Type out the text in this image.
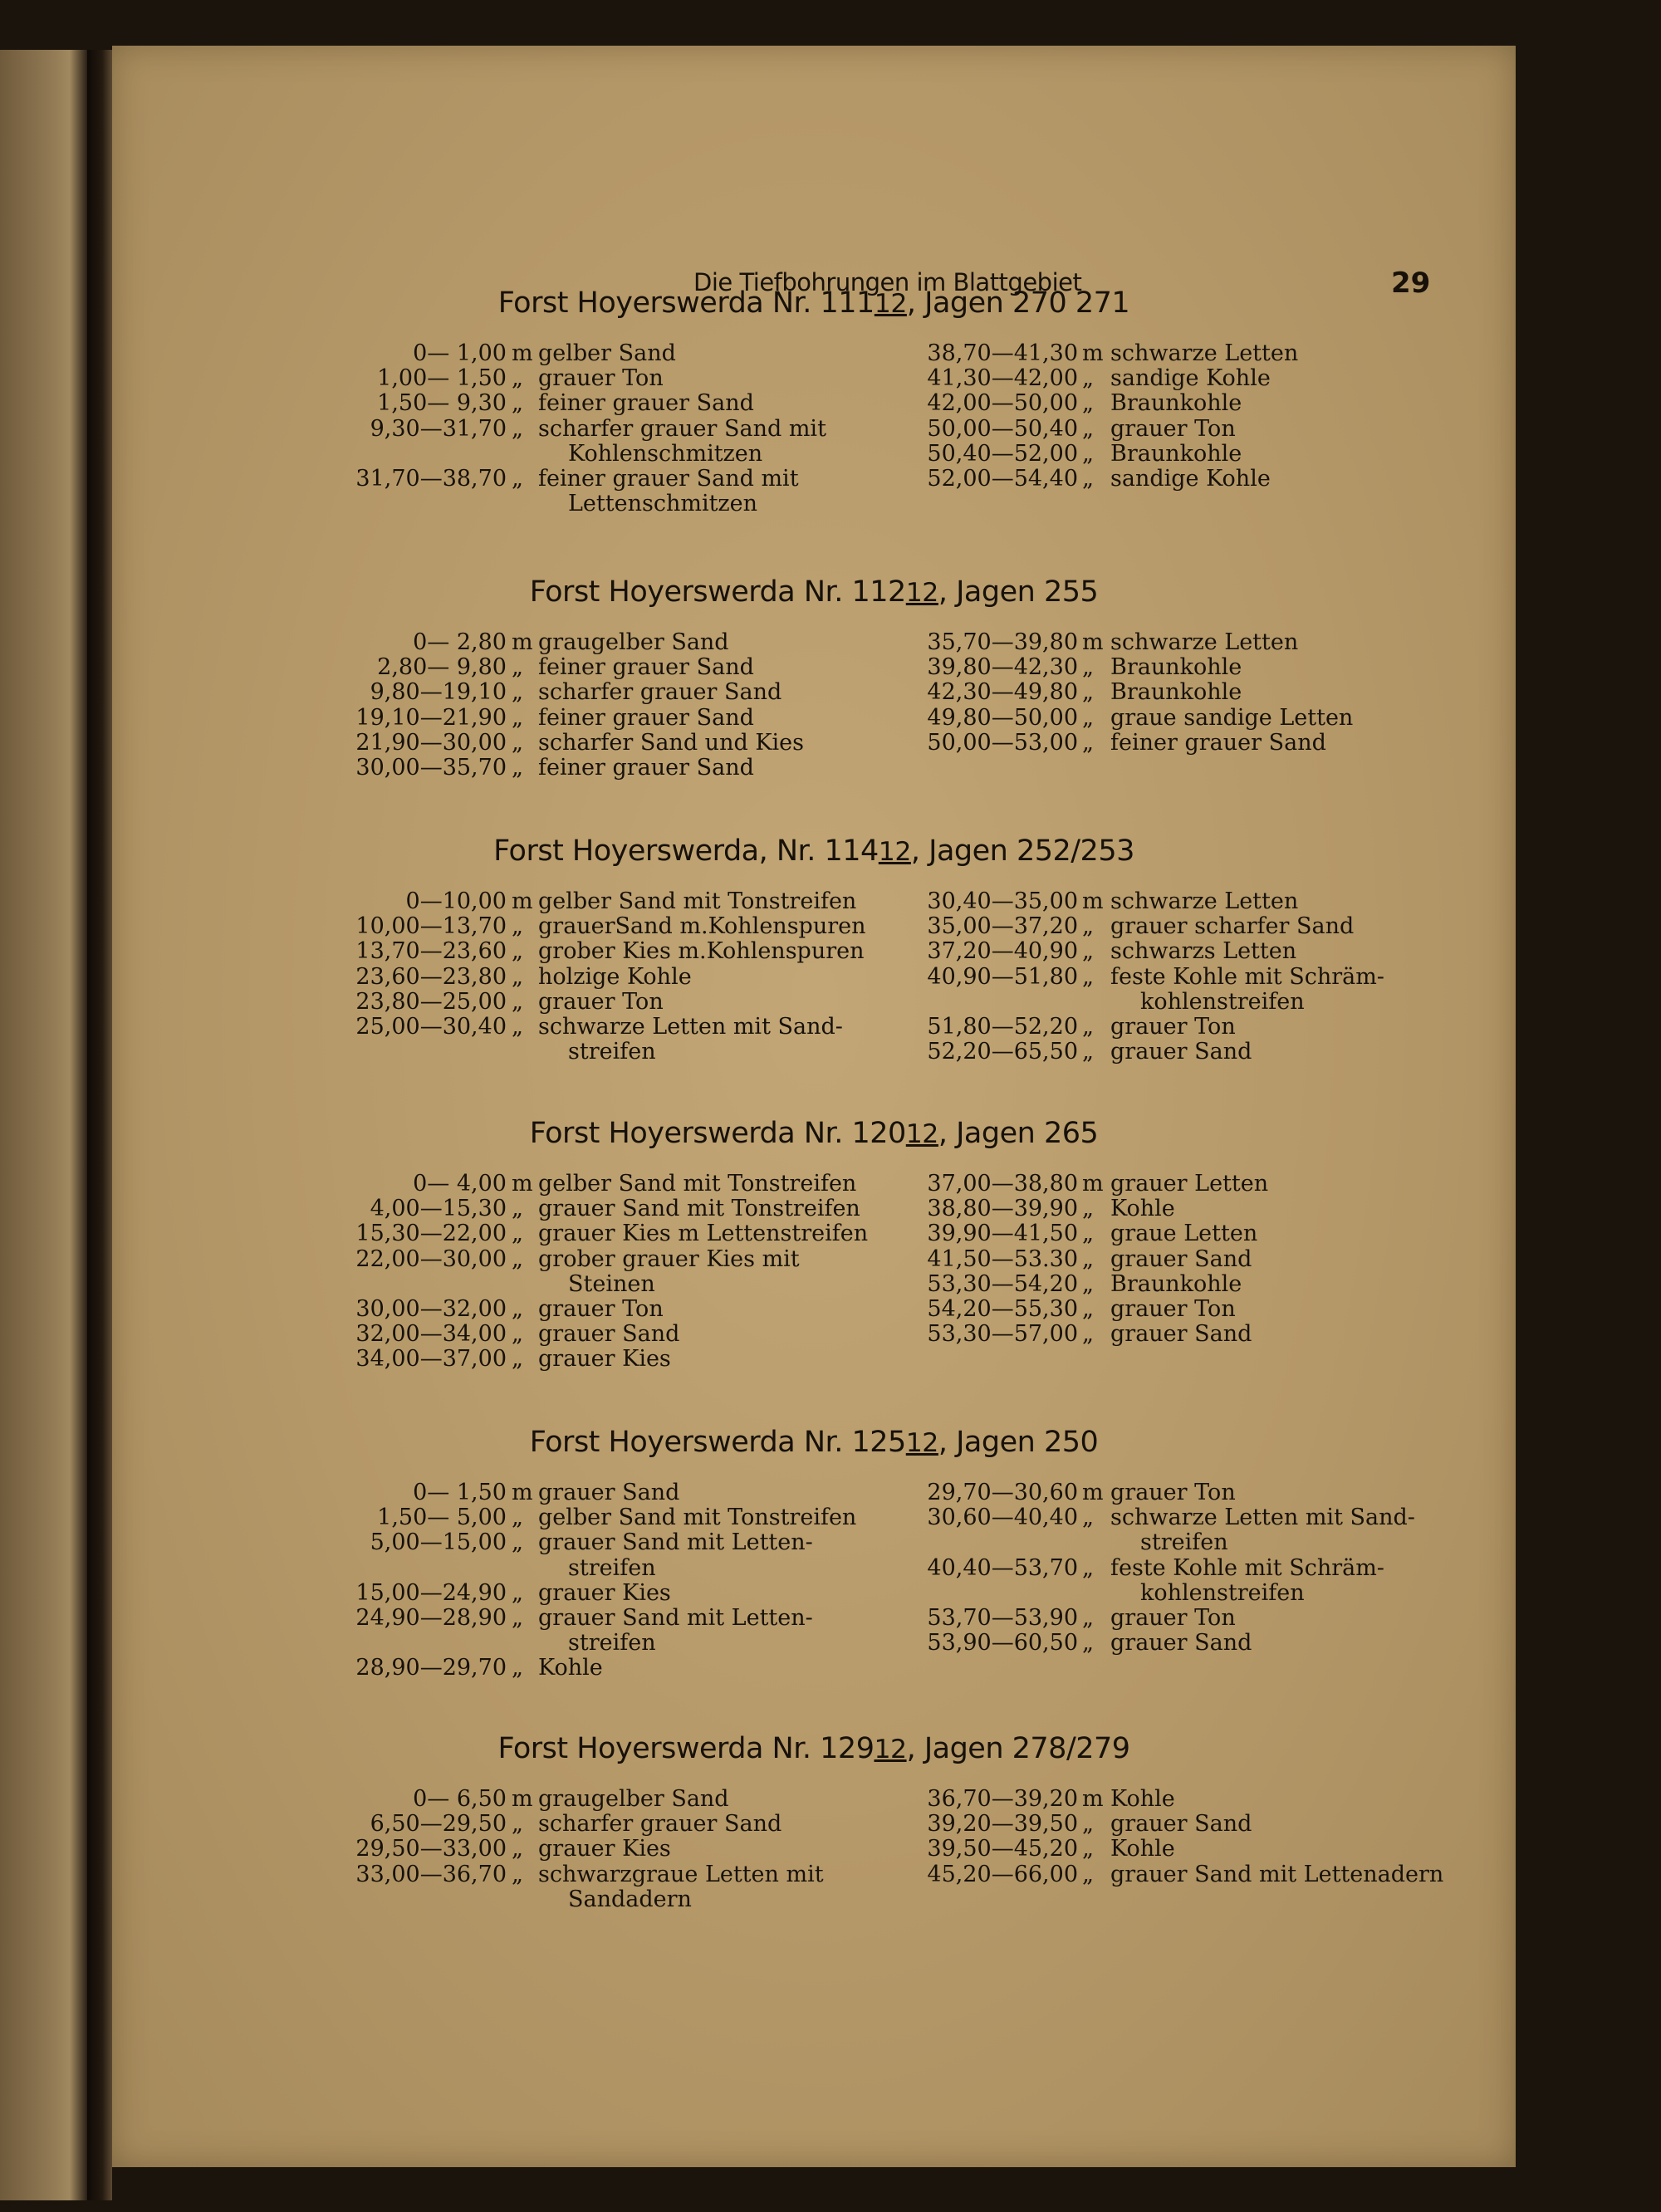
Die Tiefbohrungen im Blattgebiet	29
Forst Hoyerswerda Nr. 11112, Jagen 270 271
0— 1,00 m gelber Sand
1,00— 1,50 „ grauer Ton
1,50— 9,30 „ feiner grauer Sand
9,30—31,70 „ scharfer grauer Sand mit
Kohlenschmitzen
31,70—38,70 „ feiner grauer Sand mit
Lettenschmitzen
38,70—41,30 m schwarze Letten
41,30—42,00 „ sandige Kohle
42,00—50,00 „ Braunkohle
50,00—50,40 „ grauer Ton
50,40—52,00 „ Braunkohle
52,00—54,40 „ sandige Kohle
Forst Hoyerswerda Nr. 11212, Jagen 255
0— 2,80 m graugelber Sand
2,80— 9,80 „ feiner grauer Sand
9,80—19,10 „ scharfer grauer Sand
19,10—21,90 „ feiner grauer Sand
21,90—30,00 „ scharfer Sand und Kies
30,00—35,70 „ feiner grauer Sand
35,70—39,80 m schwarze Letten
39,80—42,30 „ Braunkohle
42,30—49,80 „ Braunkohle
49,80—50,00 „ graue sandige Letten
50,00—53,00 „ feiner grauer Sand
Forst Hoyerswerda, Nr. 11412, Jagen 252/253
0—10,00 m gelber Sand mit Tonstreifen
10,00—13,70 „ grauerSand m.Kohlenspuren
13,70—23,60 „ grober Kies m.Kohlenspuren
23,60—23,80 „ holzige Kohle
23,80—25,00 „ grauer Ton
25,00—30,40 „ schwarze Letten mit Sand-
streifen
30,40—35,00 m schwarze Letten
35,00—37,20 „ grauer scharfer Sand
37,20—40,90 „ schwarzs Letten
40,90—51,80 „ feste Kohle mit Schräm-
kohlenstreifen
51,80—52,20 „ grauer Ton
52,20—65,50 „ grauer Sand
Forst Hoyerswerda Nr. 12012, Jagen 265
0— 4,00 m gelber Sand mit Tonstreifen
4,00—15,30 „ grauer Sand mit Tonstreifen
15,30—22,00 „ grauer Kies m Lettenstreifen
22,00—30,00 „ grober grauer Kies mit
Steinen
30,00—32,00 „ grauer Ton
32,00—34,00 „ grauer Sand
34,00—37,00 „ grauer Kies
37,00—38,80 m grauer Letten
38,80—39,90 „ Kohle
39,90—41,50 „ graue Letten
41,50—53.30 „ grauer Sand
53,30—54,20 „ Braunkohle
54,20—55,30 „ grauer Ton
53,30—57,00 „ grauer Sand
Forst Hoyerswerda Nr. 12512, Jagen 250
0— 1,50 m grauer Sand
1,50— 5,00 „ gelber Sand mit Tonstreifen
5,00—15,00 „ grauer Sand mit Letten-
streifen
15,00—24,90 „ grauer Kies
24,90—28,90 „ grauer Sand mit Letten-
streifen
28,90—29,70 „ Kohle
29,70—30,60 m grauer Ton
30,60—40,40 „ schwarze Letten mit Sand-
streifen
40,40—53,70 „ feste Kohle mit Schräm-
kohlenstreifen
53,70—53,90 „ grauer Ton
53,90—60,50 „ grauer Sand
Forst Hoyerswerda Nr. 12912, Jagen 278/279
0— 6,50 m graugelber Sand
6,50—29,50 „ scharfer grauer Sand
29,50—33,00 „ grauer Kies
33,00—36,70 „ schwarzgraue Letten mit
Sandadern
36,70—39,20 m Kohle
39,20—39,50 „ grauer Sand
39,50—45,20 „ Kohle
45,20—66,00 „ grauer Sand mit Lettenadern
